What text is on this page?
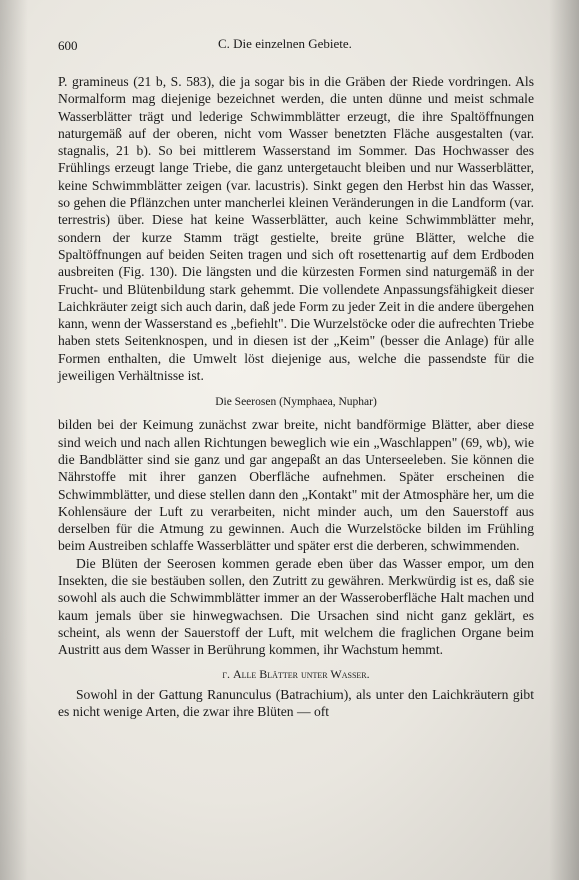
600	C. Die einzelnen Gebiete.

P. gramineus (21 b, S. 583), die ja sogar bis in die Gräben der Riede vordringen. Als Normalform mag diejenige bezeichnet werden, die unten dünne und meist schmale Wasserblätter trägt und lederige Schwimmblätter erzeugt, die ihre Spaltöffnungen naturgemäß auf der oberen, nicht vom Wasser benetzten Fläche ausgestalten (var. stagnalis, 21 b). So bei mittlerem Wasserstand im Sommer. Das Hochwasser des Frühlings erzeugt lange Triebe, die ganz untergetaucht bleiben und nur Wasserblätter, keine Schwimmblätter zeigen (var. lacustris). Sinkt gegen den Herbst hin das Wasser, so gehen die Pflänzchen unter mancherlei kleinen Veränderungen in die Landform (var. terrestris) über. Diese hat keine Wasserblätter, auch keine Schwimmblätter mehr, sondern der kurze Stamm trägt gestielte, breite grüne Blätter, welche die Spaltöffnungen auf beiden Seiten tragen und sich oft rosettenartig auf dem Erdboden ausbreiten (Fig. 130). Die längsten und die kürzesten Formen sind naturgemäß in der Frucht- und Blütenbildung stark gehemmt. Die vollendete Anpassungsfähigkeit dieser Laichkräuter zeigt sich auch darin, daß jede Form zu jeder Zeit in die andere übergehen kann, wenn der Wasserstand es „befiehlt". Die Wurzelstöcke oder die aufrechten Triebe haben stets Seitenknospen, und in diesen ist der „Keim" (besser die Anlage) für alle Formen enthalten, die Umwelt löst diejenige aus, welche die passendste für die jeweiligen Verhältnisse ist.

Die Seerosen (Nymphaea, Nuphar)

bilden bei der Keimung zunächst zwar breite, nicht bandförmige Blätter, aber diese sind weich und nach allen Richtungen beweglich wie ein „Waschlappen" (69, wb), wie die Bandblätter sind sie ganz und gar angepaßt an das Unterseeleben. Sie können die Nährstoffe mit ihrer ganzen Oberfläche aufnehmen. Später erscheinen die Schwimmblätter, und diese stellen dann den „Kontakt" mit der Atmosphäre her, um die Kohlensäure der Luft zu verarbeiten, nicht minder auch, um den Sauerstoff aus derselben für die Atmung zu gewinnen. Auch die Wurzelstöcke bilden im Frühling beim Austreiben schlaffe Wasserblätter und später erst die derberen, schwimmenden.

Die Blüten der Seerosen kommen gerade eben über das Wasser empor, um den Insekten, die sie bestäuben sollen, den Zutritt zu gewähren. Merkwürdig ist es, daß sie sowohl als auch die Schwimmblätter immer an der Wasseroberfläche Halt machen und kaum jemals über sie hinwegwachsen. Die Ursachen sind nicht ganz geklärt, es scheint, als wenn der Sauerstoff der Luft, mit welchem die fraglichen Organe beim Austritt aus dem Wasser in Berührung kommen, ihr Wachstum hemmt.

γ. Alle Blätter unter Wasser.

Sowohl in der Gattung Ranunculus (Batrachium), als unter den Laichkräutern gibt es nicht wenige Arten, die zwar ihre Blüten — oft
